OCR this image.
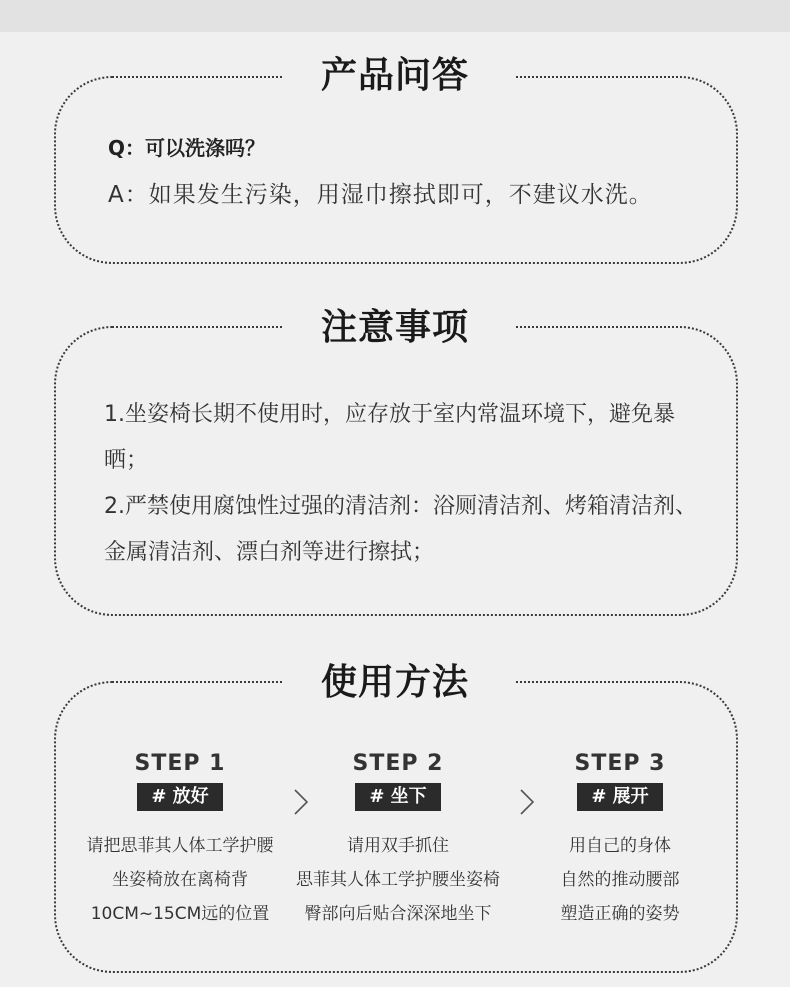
Q：可以洗涤吗？
A：如果发生污染，用湿巾擦拭即可，不建议水洗。
产品问答

1.坐姿椅长期不使用时，应存放于室内常温环境下，避免暴晒；

2.严禁使用腐蚀性过强的清洁剂：浴厕清洁剂、烤箱清洁剂、金属清洁剂、漂白剂等进行擦拭；

注意事项
STEP 1
# 放好
请把思菲其人体工学护腰
坐姿椅放在离椅背
10CM~15CM远的位置
STEP 2
# 坐下
请用双手抓住
思菲其人体工学护腰坐姿椅
臀部向后贴合深深地坐下
STEP 3
# 展开
用自己的身体
自然的推动腰部
塑造正确的姿势
使用方法
